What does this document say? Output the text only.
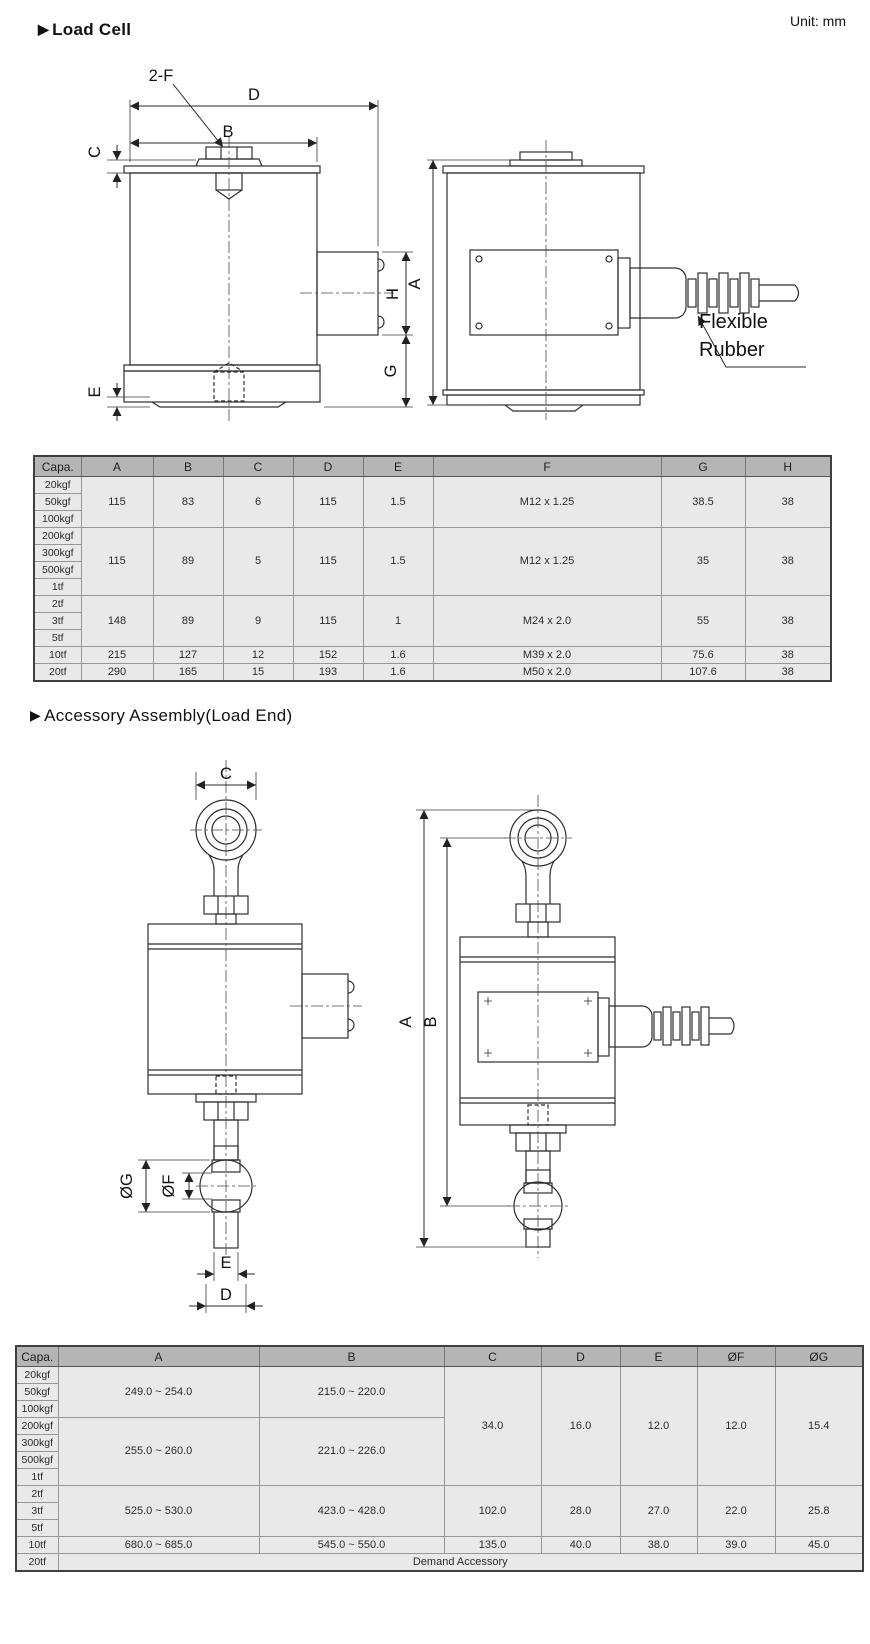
▶ Load Cell	Unit: mm
2-F
D
B
C
E
H
G
A
Flexible
Rubber
Capa.	A	B	C	D	E	F	G	H
20kgf	115	83	6	115	1.5	M12 x 1.25	38.5	38
50kgf								
100kgf								
200kgf	115	89	5	115	1.5	M12 x 1.25	35	38
300kgf								
500kgf								
1tf								
2tf	148	89	9	115	1	M24 x 2.0	55	38
3tf								
5tf								
10tf	215	127	12	152	1.6	M39 x 2.0	75.6	38
20tf	290	165	15	193	1.6	M50 x 2.0	107.6	38
▶ Accessory Assembly(Load End)
C
ØG ØF
E
D
A B
Capa.	A	B	C	D	E	ØF	ØG
20kgf	249.0 ~ 254.0	215.0 ~ 220.0	34.0	16.0	12.0	12.0	15.4
50kgf							
100kgf							
200kgf	255.0 ~ 260.0	221.0 ~ 226.0					
300kgf							
500kgf							
1tf							
2tf	525.0 ~ 530.0	423.0 ~ 428.0	102.0	28.0	27.0	22.0	25.8
3tf							
5tf							
10tf	680.0 ~ 685.0	545.0 ~ 550.0	135.0	40.0	38.0	39.0	45.0
20tf	Demand Accessory						
